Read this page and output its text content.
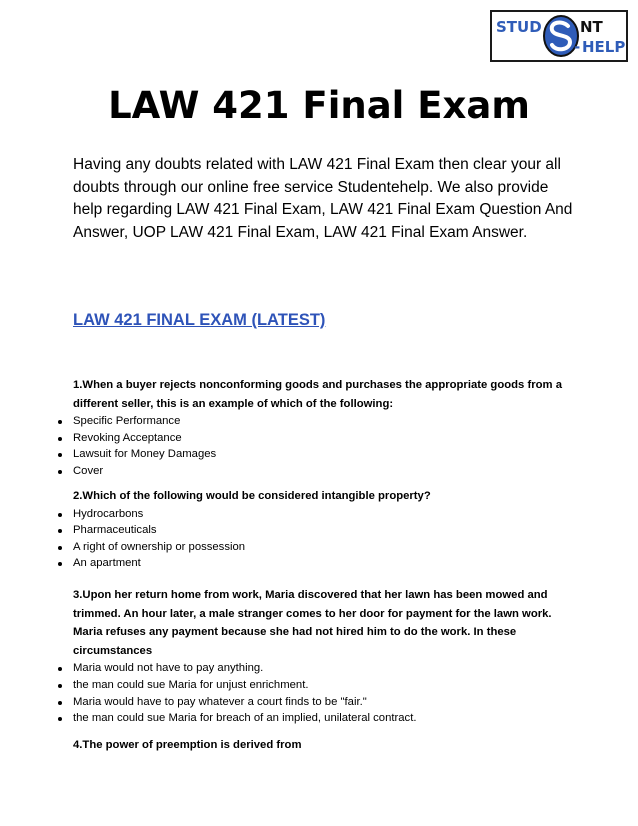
STUD	NT
- HELP
LAW 421 Final Exam

Having any doubts related with LAW 421 Final Exam then clear your all doubts through our online free service Studentehelp. We also provide help regarding LAW 421 Final Exam, LAW 421 Final Exam Question And Answer, UOP LAW 421 Final Exam, LAW 421 Final Exam Answer.

LAW 421 FINAL EXAM (LATEST)

1.When a buyer rejects nonconforming goods and purchases the appropriate goods from a different seller, this is an example of which of the following:

Specific Performance
Revoking Acceptance
Lawsuit for Money Damages
Cover

2.Which of the following would be considered intangible property?

Hydrocarbons
Pharmaceuticals
A right of ownership or possession
An apartment

3.Upon her return home from work, Maria discovered that her lawn has been mowed and trimmed. An hour later, a male stranger comes to her door for payment for the lawn work. Maria refuses any payment because she had not hired him to do the work. In these circumstances

Maria would not have to pay anything.
the man could sue Maria for unjust enrichment.
Maria would have to pay whatever a court finds to be "fair."
the man could sue Maria for breach of an implied, unilateral contract.

4.The power of preemption is derived from
